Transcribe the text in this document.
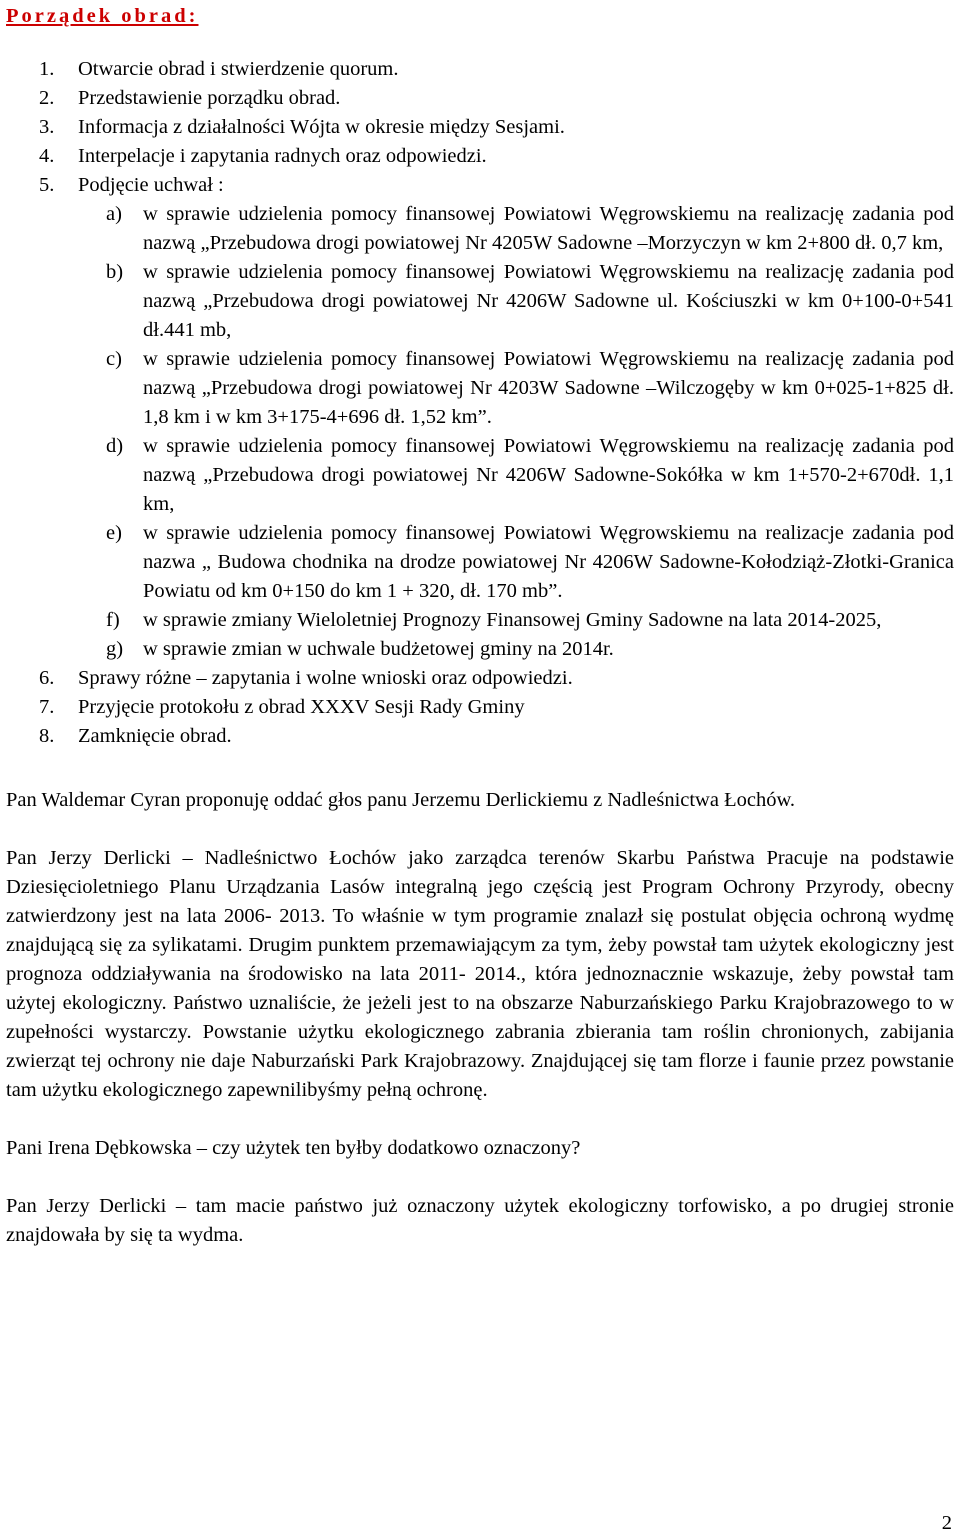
Porządek obrad:
1. Otwarcie obrad i stwierdzenie quorum.
2. Przedstawienie porządku obrad.
3. Informacja z działalności Wójta w okresie między Sesjami.
4. Interpelacje i zapytania radnych oraz odpowiedzi.
5. Podjęcie uchwał :
a) w sprawie udzielenia pomocy finansowej Powiatowi Węgrowskiemu na realizację zadania pod nazwą „Przebudowa drogi powiatowej Nr 4205W Sadowne –Morzyczyn w km 2+800 dł. 0,7 km,
b) w sprawie udzielenia pomocy finansowej Powiatowi Węgrowskiemu na realizację zadania pod nazwą „Przebudowa drogi powiatowej Nr 4206W Sadowne ul. Kościuszki w km 0+100-0+541 dł.441 mb,
c) w sprawie udzielenia pomocy finansowej Powiatowi Węgrowskiemu na realizację zadania pod nazwą „Przebudowa drogi powiatowej Nr 4203W Sadowne –Wilczogęby w km 0+025-1+825 dł. 1,8 km i w km 3+175-4+696 dł. 1,52 km”.
d) w sprawie udzielenia pomocy finansowej Powiatowi Węgrowskiemu na realizację zadania pod nazwą „Przebudowa drogi powiatowej Nr 4206W Sadowne-Sokółka w km 1+570-2+670dł. 1,1 km,
e) w sprawie udzielenia pomocy finansowej Powiatowi Węgrowskiemu na realizacje zadania pod nazwa „ Budowa chodnika na drodze powiatowej Nr 4206W Sadowne-Kołodziąż-Złotki-Granica Powiatu od km 0+150 do km 1 + 320, dł. 170 mb”.
f) w sprawie zmiany Wieloletniej Prognozy Finansowej Gminy Sadowne na lata 2014-2025,
g) w sprawie zmian w uchwale budżetowej gminy na 2014r.
6. Sprawy różne – zapytania i wolne wnioski oraz odpowiedzi.
7. Przyjęcie protokołu z obrad XXXV Sesji Rady Gminy
8. Zamknięcie obrad.

Pan Waldemar Cyran proponuję oddać głos panu Jerzemu Derlickiemu z Nadleśnictwa Łochów.

Pan Jerzy Derlicki – Nadleśnictwo Łochów jako zarządca terenów Skarbu Państwa Pracuje na podstawie Dziesięcioletniego Planu Urządzania Lasów integralną jego częścią jest Program Ochrony Przyrody, obecny zatwierdzony jest na lata 2006- 2013. To właśnie w tym programie znalazł się postulat objęcia ochroną wydmę znajdującą się za sylikatami. Drugim punktem przemawiającym za tym, żeby powstał tam użytek ekologiczny jest prognoza oddziaływania na środowisko na lata 2011- 2014., która jednoznacznie wskazuje, żeby powstał tam użytej ekologiczny. Państwo uznaliście, że jeżeli jest to na obszarze Naburzańskiego Parku Krajobrazowego to w zupełności wystarczy. Powstanie użytku ekologicznego zabrania zbierania tam roślin chronionych, zabijania zwierząt tej ochrony nie daje Naburzański Park Krajobrazowy. Znajdującej się tam florze i faunie przez powstanie tam użytku ekologicznego zapewnilibyśmy pełną ochronę.

Pani Irena Dębkowska – czy użytek ten byłby dodatkowo oznaczony?

Pan Jerzy Derlicki – tam macie państwo już oznaczony użytek ekologiczny torfowisko, a po drugiej stronie znajdowała by się ta wydma.

2
